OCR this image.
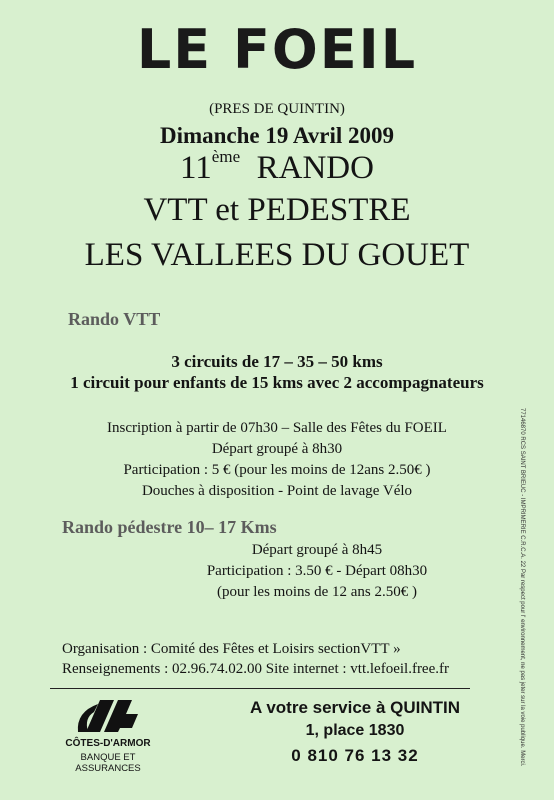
LE FOEIL
(PRES DE QUINTIN)
Dimanche 19 Avril 2009
11ème RANDO
VTT et PEDESTRE
LES VALLEES DU GOUET
Rando VTT
3 circuits de 17 – 35 – 50 kms
1 circuit pour enfants de 15 kms avec 2 accompagnateurs
Inscription à partir de 07h30 – Salle des Fêtes du FOEIL
Départ groupé à 8h30
Participation : 5 € (pour les moins de 12ans 2.50€ )
Douches à disposition - Point de lavage Vélo
Rando pédestre 10– 17 Kms
Départ groupé à 8h45
Participation : 3.50 € - Départ 08h30
(pour les moins de 12 ans 2.50€ )
Organisation : Comité des Fêtes et Loisirs sectionVTT »
Renseignements : 02.96.74.02.00 Site internet : vtt.lefoeil.free.fr
CÔTES-D'ARMOR
BANQUE ET ASSURANCES
A votre service à QUINTIN
1, place 1830
0 810 76 13 32	77146870 RCS SAINT BRIEUC - IMPRIMERIE C.R.C.A. 22 Par respect pour l' environnement, ne pas jeter sur la voie publique. Merci.
